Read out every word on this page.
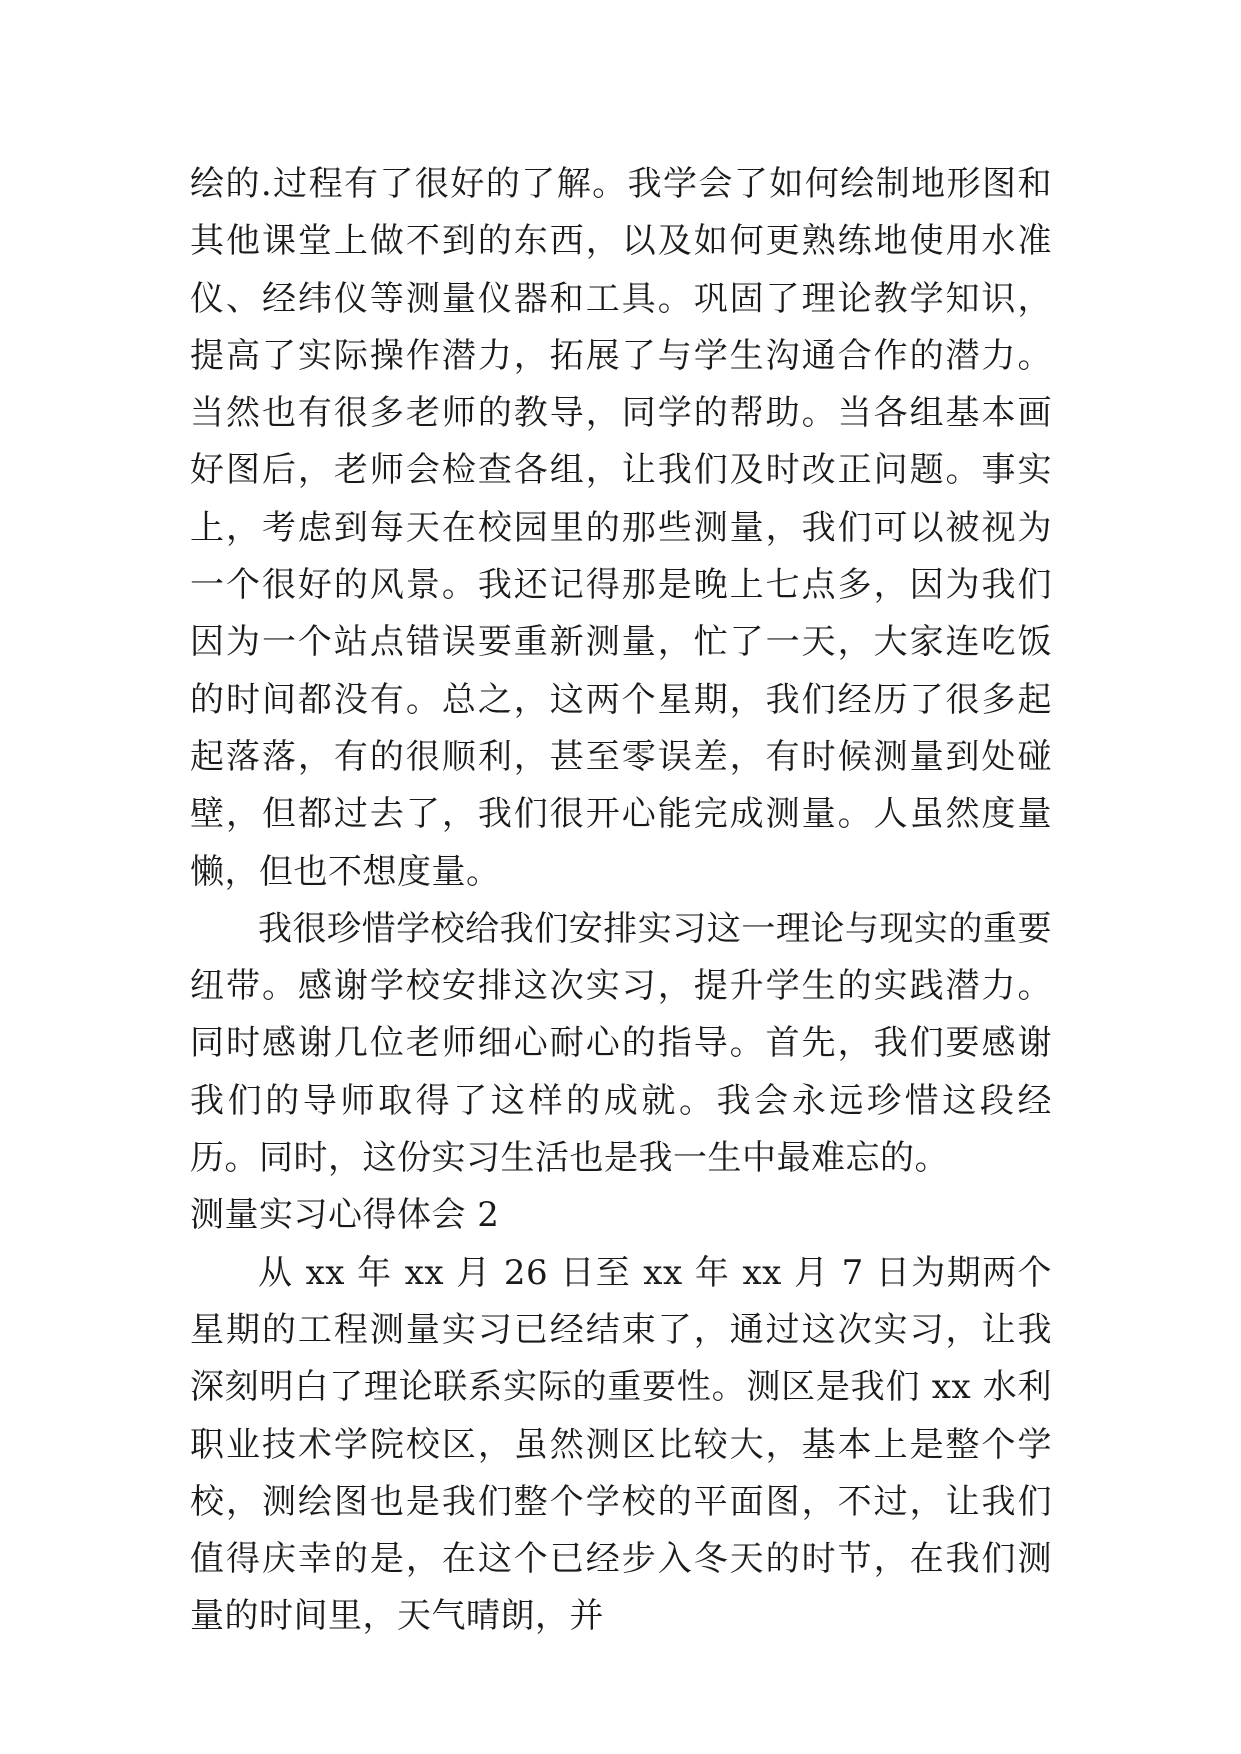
绘的.过程有了很好的了解。我学会了如何绘制地形图和其他课堂上做不到的东西，以及如何更熟练地使用水准仪、经纬仪等测量仪器和工具。巩固了理论教学知识，提高了实际操作潜力，拓展了与学生沟通合作的潜力。当然也有很多老师的教导，同学的帮助。当各组基本画好图后，老师会检查各组，让我们及时改正问题。事实上，考虑到每天在校园里的那些测量，我们可以被视为一个很好的风景。我还记得那是晚上七点多，因为我们因为一个站点错误要重新测量，忙了一天，大家连吃饭的时间都没有。总之，这两个星期，我们经历了很多起起落落，有的很顺利，甚至零误差，有时候测量到处碰壁，但都过去了，我们很开心能完成测量。人虽然度量懒，但也不想度量。

我很珍惜学校给我们安排实习这一理论与现实的重要纽带。感谢学校安排这次实习，提升学生的实践潜力。同时感谢几位老师细心耐心的指导。首先，我们要感谢我们的导师取得了这样的成就。我会永远珍惜这段经历。同时，这份实习生活也是我一生中最难忘的。

测量实习心得体会 2

从 xx 年 xx 月 26 日至 xx 年 xx 月 7 日为期两个星期的工程测量实习已经结束了，通过这次实习，让我深刻明白了理论联系实际的重要性。测区是我们 xx 水利职业技术学院校区，虽然测区比较大，基本上是整个学校，测绘图也是我们整个学校的平面图，不过，让我们值得庆幸的是，在这个已经步入冬天的时节，在我们测量的时间里，天气晴朗，并
